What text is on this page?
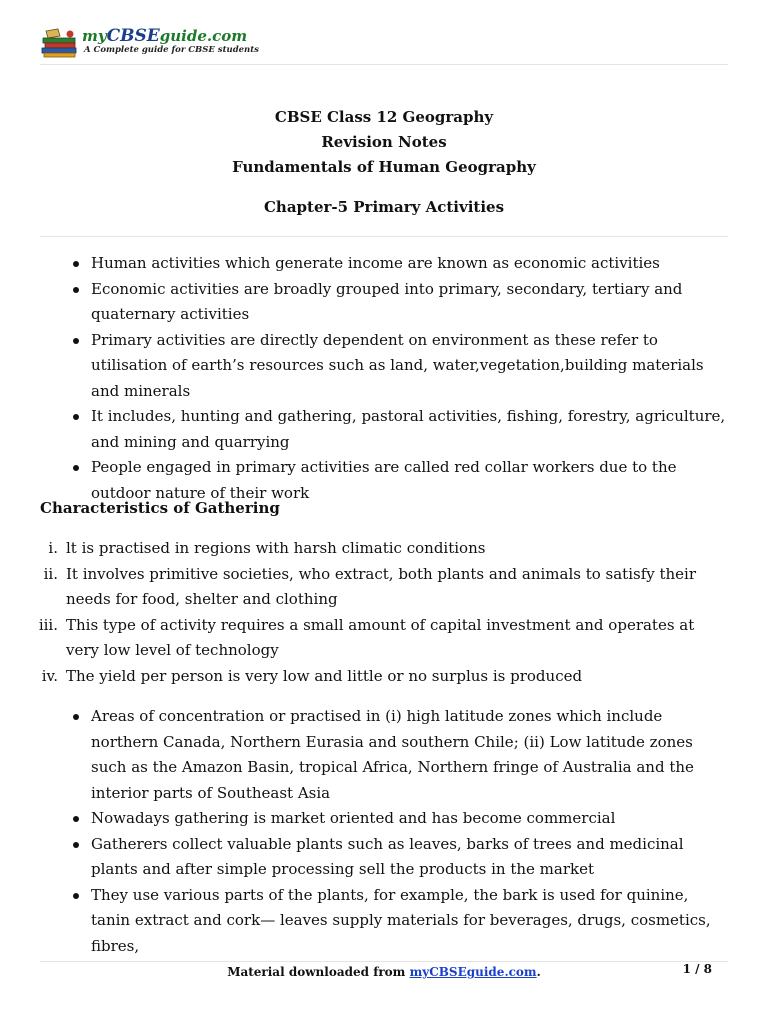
myCBSEguide.com
A Complete guide for CBSE students
CBSE Class 12 Geography
Revision Notes
Fundamentals of Human Geography
Chapter-5 Primary Activities
Human activities which generate income are known as economic activities
Economic activities are broadly grouped into primary, secondary, tertiary and quaternary activities
Primary activities are directly dependent on environment as these refer to utilisation of earth’s resources such as land, water,vegetation,building materials and minerals
It includes, hunting and gathering, pastoral activities, fishing, forestry, agriculture, and mining and quarrying
People engaged in primary activities are called red collar workers due to the outdoor nature of their work
Characteristics of Gathering
i. lt is practised in regions with harsh climatic conditions
ii. It involves primitive societies, who extract, both plants and animals to satisfy their needs for food, shelter and clothing
iii. This type of activity requires a small amount of capital investment and operates at very low level of technology
iv. The yield per person is very low and little or no surplus is produced
Areas of concentration or practised in (i) high latitude zones which include northern Canada, Northern Eurasia and southern Chile; (ii) Low latitude zones such as the Amazon Basin, tropical Africa, Northern fringe of Australia and the interior parts of Southeast Asia
Nowadays gathering is market oriented and has become commercial
Gatherers collect valuable plants such as leaves, barks of trees and medicinal plants and after simple processing sell the products in the market
They use various parts of the plants, for example, the bark is used for quinine, tanin extract and cork— leaves supply materials for beverages, drugs, cosmetics, fibres,
Material downloaded from myCBSEguide.com.	1 / 8
